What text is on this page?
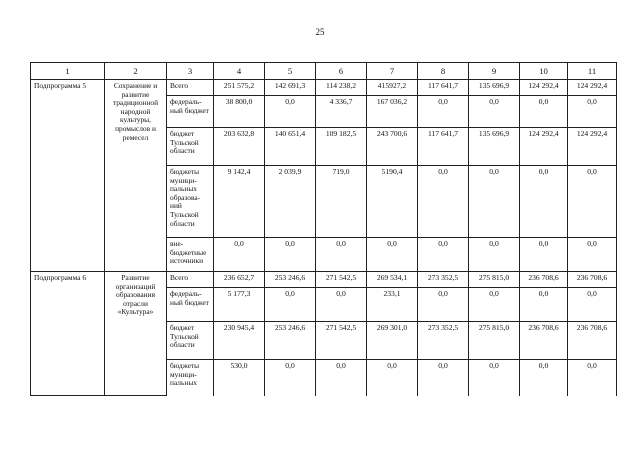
25
1	2	3	4	5	6	7	8	9	10	11
Подпрограмма 5	Сохранение и развитие традиционной народной культуры, промыслов и ремесел	Всего	251 575,2	142 691,3	114 238,2	415927,2	117 641,7	135 696,9	124 292,4	124 292,4
		федераль-ный бюджет	38 800,0	0,0	4 336,7	167 036,2	0,0	0,0	0,0	0,0
		бюджет Тульской области	203 632,8	140 651,4	109 182,5	243 700,6	117 641,7	135 696,9	124 292,4	124 292,4
		бюджеты муници-пальных образова-ний Тульской области	9 142,4	2 039,9	719,0	5190,4	0,0	0,0	0,0	0,0
		вне-бюджетные источники	0,0	0,0	0,0	0,0	0,0	0,0	0,0	0,0
Подпрограмма 6	Развитие организаций образования отрасли «Культура»	Всего	236 652,7	253 246,6	271 542,5	269 534,1	273 352,5	275 815,0	236 708,6	236 708,6
		федераль-ный бюджет	5 177,3	0,0	0,0	233,1	0,0	0,0	0,0	0,0
		бюджет Тульской области	230 945,4	253 246,6	271 542,5	269 301,0	273 352,5	275 815,0	236 708,6	236 708,6
		бюджеты муници-пальных	530,0	0,0	0,0	0,0	0,0	0,0	0,0	0,0
